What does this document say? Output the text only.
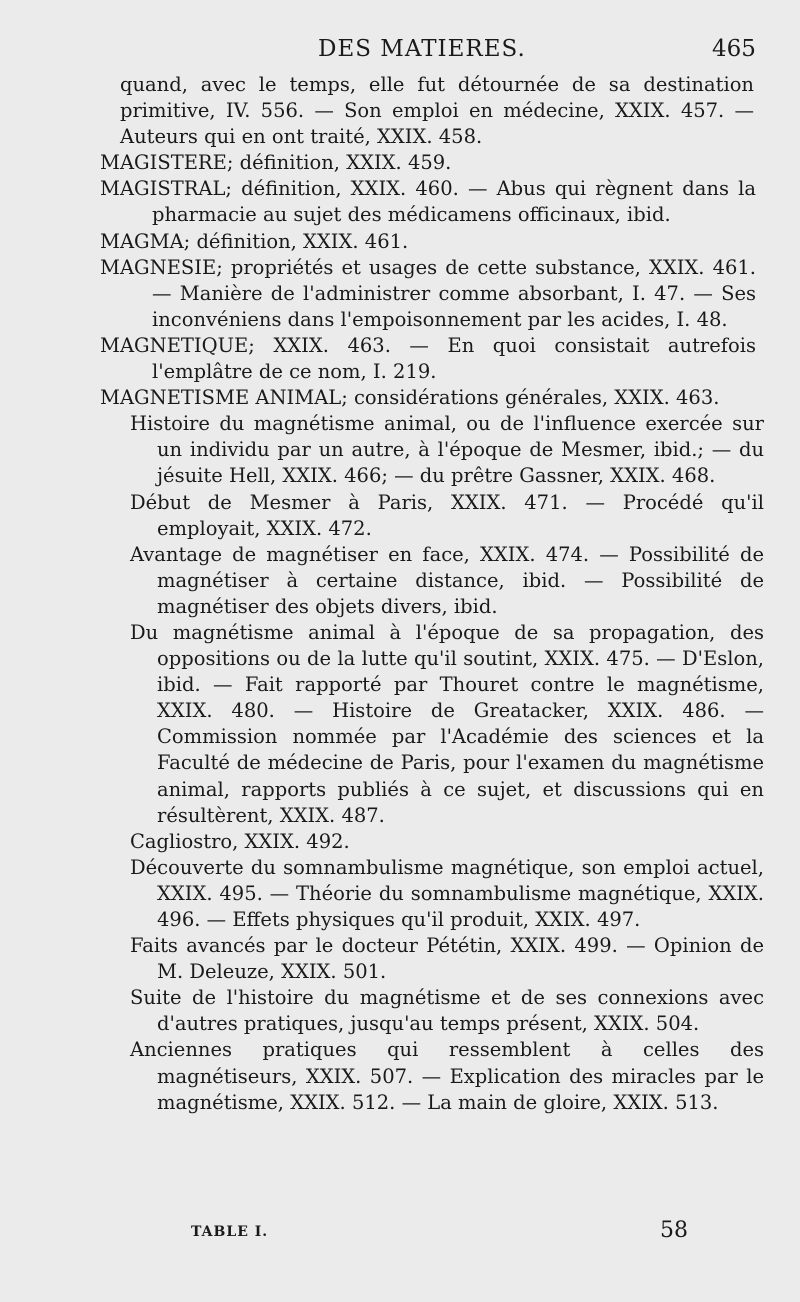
DES MATIERES.	465

quand, avec le temps, elle fut détournée de sa destination primitive, IV. 556. — Son emploi en médecine, XXIX. 457. — Auteurs qui en ont traité, XXIX. 458.

MAGISTERE; définition, XXIX. 459.

MAGISTRAL; définition, XXIX. 460. — Abus qui règnent dans la pharmacie au sujet des médicamens officinaux, ibid.

MAGMA; définition, XXIX. 461.

MAGNESIE; propriétés et usages de cette substance, XXIX. 461. — Manière de l'administrer comme absorbant, I. 47. — Ses inconvéniens dans l'empoisonnement par les acides, I. 48.

MAGNETIQUE; XXIX. 463. — En quoi consistait autrefois l'emplâtre de ce nom, I. 219.

MAGNETISME ANIMAL; considérations générales, XXIX. 463.

Histoire du magnétisme animal, ou de l'influence exercée sur un individu par un autre, à l'époque de Mesmer, ibid.; — du jésuite Hell, XXIX. 466; — du prêtre Gassner, XXIX. 468.

Début de Mesmer à Paris, XXIX. 471. — Procédé qu'il employait, XXIX. 472.

Avantage de magnétiser en face, XXIX. 474. — Possibilité de magnétiser à certaine distance, ibid. — Possibilité de magnétiser des objets divers, ibid.

Du magnétisme animal à l'époque de sa propagation, des oppositions ou de la lutte qu'il soutint, XXIX. 475. — D'Eslon, ibid. — Fait rapporté par Thouret contre le magnétisme, XXIX. 480. — Histoire de Greatacker, XXIX. 486. — Commission nommée par l'Académie des sciences et la Faculté de médecine de Paris, pour l'examen du magnétisme animal, rapports publiés à ce sujet, et discussions qui en résultèrent, XXIX. 487.

Cagliostro, XXIX. 492.

Découverte du somnambulisme magnétique, son emploi actuel, XXIX. 495. — Théorie du somnambulisme magnétique, XXIX. 496. — Effets physiques qu'il produit, XXIX. 497.

Faits avancés par le docteur Pététin, XXIX. 499. — Opinion de M. Deleuze, XXIX. 501.

Suite de l'histoire du magnétisme et de ses connexions avec d'autres pratiques, jusqu'au temps présent, XXIX. 504.

Anciennes pratiques qui ressemblent à celles des magnétiseurs, XXIX. 507. — Explication des miracles par le magnétisme, XXIX. 512. — La main de gloire, XXIX. 513.

TABLE I.	58
